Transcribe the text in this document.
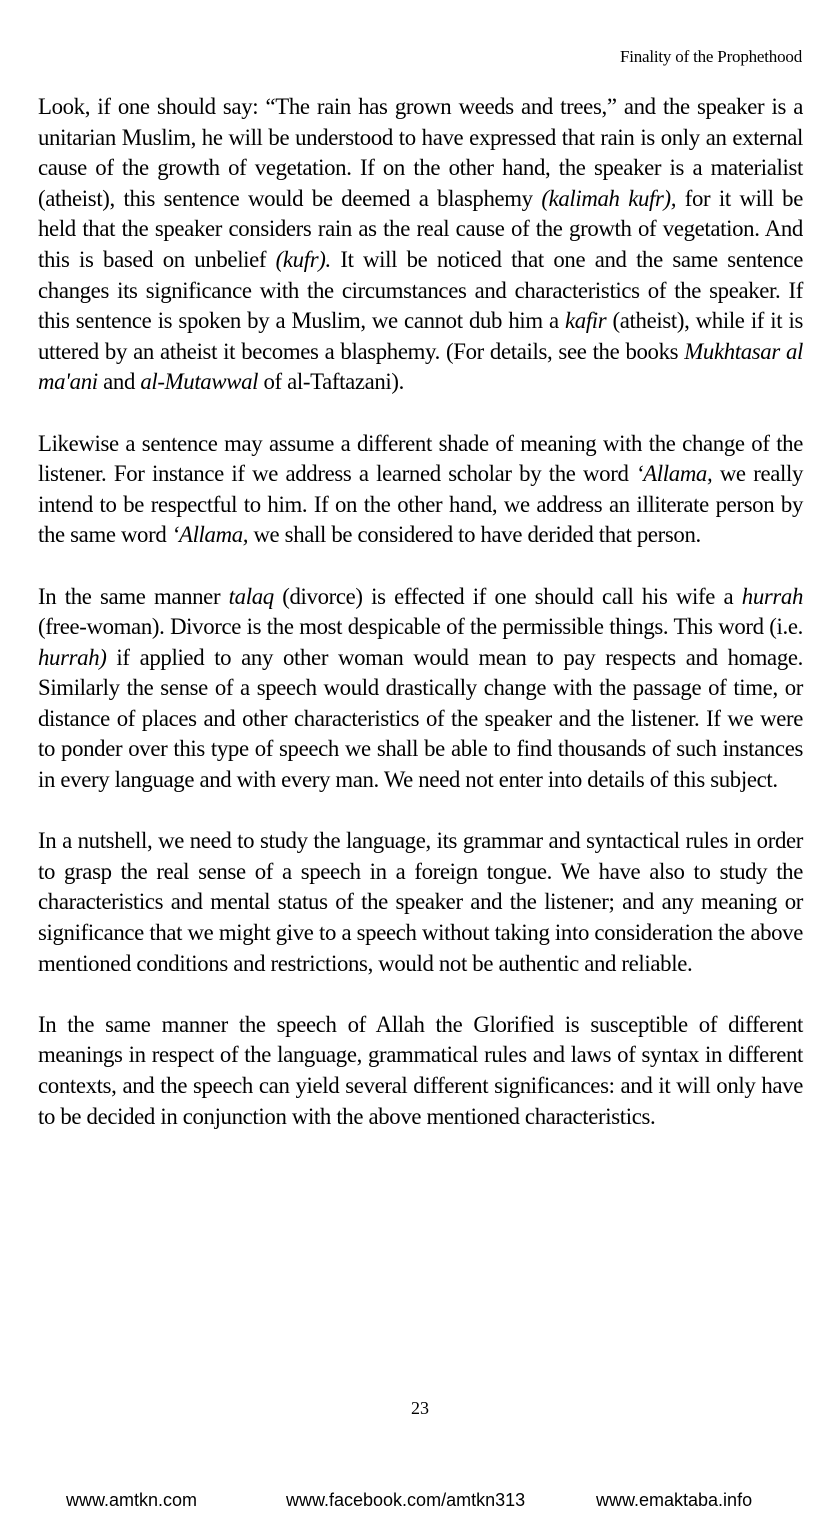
Finality of the Prophethood

Look, if one should say: “The rain has grown weeds and trees,” and the speaker is a unitarian Muslim, he will be understood to have expressed that rain is only an external cause of the growth of vegetation. If on the other hand, the speaker is a materialist (atheist), this sentence would be deemed a blasphemy (kalimah kufr), for it will be held that the speaker considers rain as the real cause of the growth of vegetation. And this is based on unbelief (kufr). It will be noticed that one and the same sentence changes its significance with the circumstances and characteristics of the speaker. If this sentence is spoken by a Muslim, we cannot dub him a kafir (atheist), while if it is uttered by an atheist it becomes a blasphemy. (For details, see the books Mukhtasar al ma'ani and al-Mutawwal of al-Taftazani).

Likewise a sentence may assume a different shade of meaning with the change of the listener. For instance if we address a learned scholar by the word ‘Allama, we really intend to be respectful to him. If on the other hand, we address an illiterate person by the same word ‘Allama, we shall be considered to have derided that person.

In the same manner talaq (divorce) is effected if one should call his wife a hurrah (free-woman). Divorce is the most despicable of the permissible things. This word (i.e. hurrah) if applied to any other woman would mean to pay respects and homage. Similarly the sense of a speech would drastically change with the passage of time, or distance of places and other characteristics of the speaker and the listener. If we were to ponder over this type of speech we shall be able to find thousands of such instances in every language and with every man. We need not enter into details of this subject.

In a nutshell, we need to study the language, its grammar and syntactical rules in order to grasp the real sense of a speech in a foreign tongue. We have also to study the characteristics and mental status of the speaker and the listener; and any meaning or significance that we might give to a speech without taking into consideration the above mentioned conditions and restrictions, would not be authentic and reliable.

In the same manner the speech of Allah the Glorified is susceptible of different meanings in respect of the language, grammatical rules and laws of syntax in different contexts, and the speech can yield several different significances: and it will only have to be decided in conjunction with the above mentioned characteristics.

23
www.amtkn.com	www.facebook.com/amtkn313	www.emaktaba.info
